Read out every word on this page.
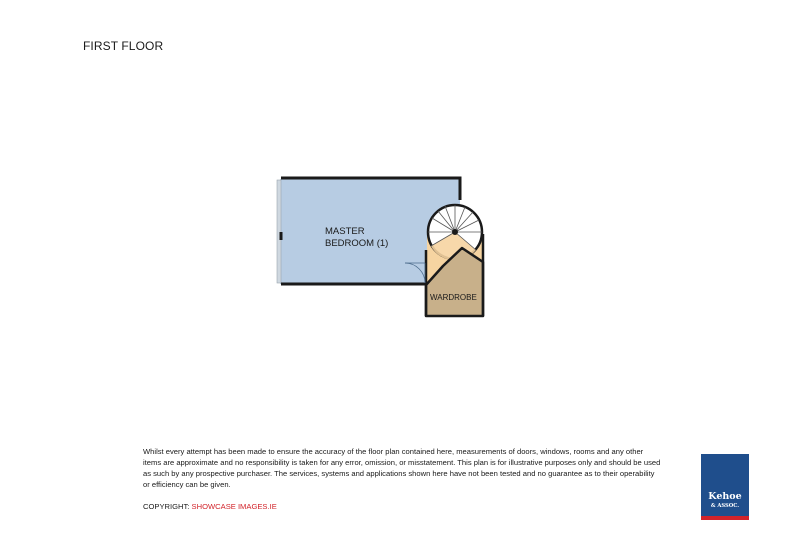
FIRST FLOOR
MASTER
BEDROOM (1)
WARDROBE
Whilst every attempt has been made to ensure the accuracy of the floor plan contained here, measurements of doors, windows, rooms and any other items are approximate and no responsibility is taken for any error, omission, or misstatement. This plan is for illustrative purposes only and should be used as such by any prospective purchaser. The services, systems and applications shown here have not been tested and no guarantee as to their operability or efficiency can be given.
COPYRIGHT: SHOWCASE IMAGES.IE
Kehoe
& ASSOC.
